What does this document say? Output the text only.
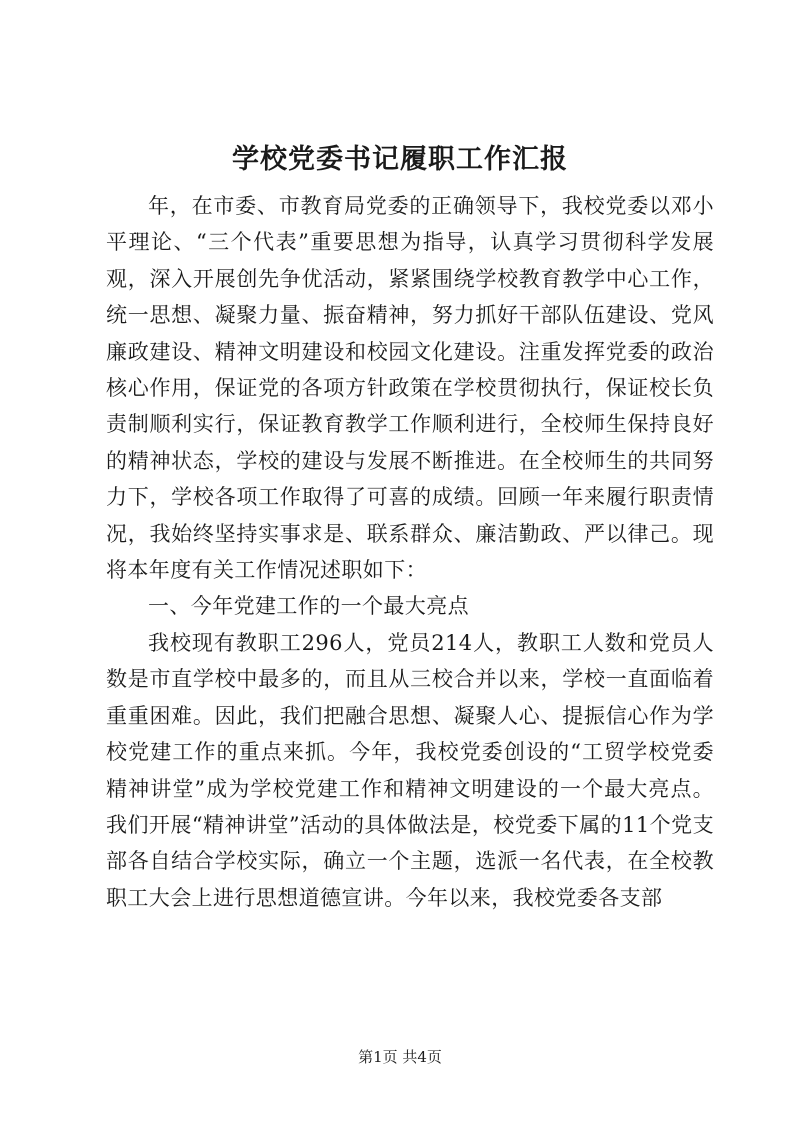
学校党委书记履职工作汇报

年，在市委、市教育局党委的正确领导下，我校党委以邓小平理论、“三个代表”重要思想为指导，认真学习贯彻科学发展观，深入开展创先争优活动，紧紧围绕学校教育教学中心工作，统一思想、凝聚力量、振奋精神，努力抓好干部队伍建设、党风廉政建设、精神文明建设和校园文化建设。注重发挥党委的政治核心作用，保证党的各项方针政策在学校贯彻执行，保证校长负责制顺利实行，保证教育教学工作顺利进行，全校师生保持良好的精神状态，学校的建设与发展不断推进。在全校师生的共同努力下，学校各项工作取得了可喜的成绩。回顾一年来履行职责情况，我始终坚持实事求是、联系群众、廉洁勤政、严以律己。现将本年度有关工作情况述职如下：

一、今年党建工作的一个最大亮点

我校现有教职工296人，党员214人，教职工人数和党员人数是市直学校中最多的，而且从三校合并以来，学校一直面临着重重困难。因此，我们把融合思想、凝聚人心、提振信心作为学校党建工作的重点来抓。今年，我校党委创设的“工贸学校党委精神讲堂”成为学校党建工作和精神文明建设的一个最大亮点。我们开展“精神讲堂”活动的具体做法是，校党委下属的11个党支部各自结合学校实际，确立一个主题，选派一名代表，在全校教职工大会上进行思想道德宣讲。今年以来，我校党委各支部

第1页 共4页
